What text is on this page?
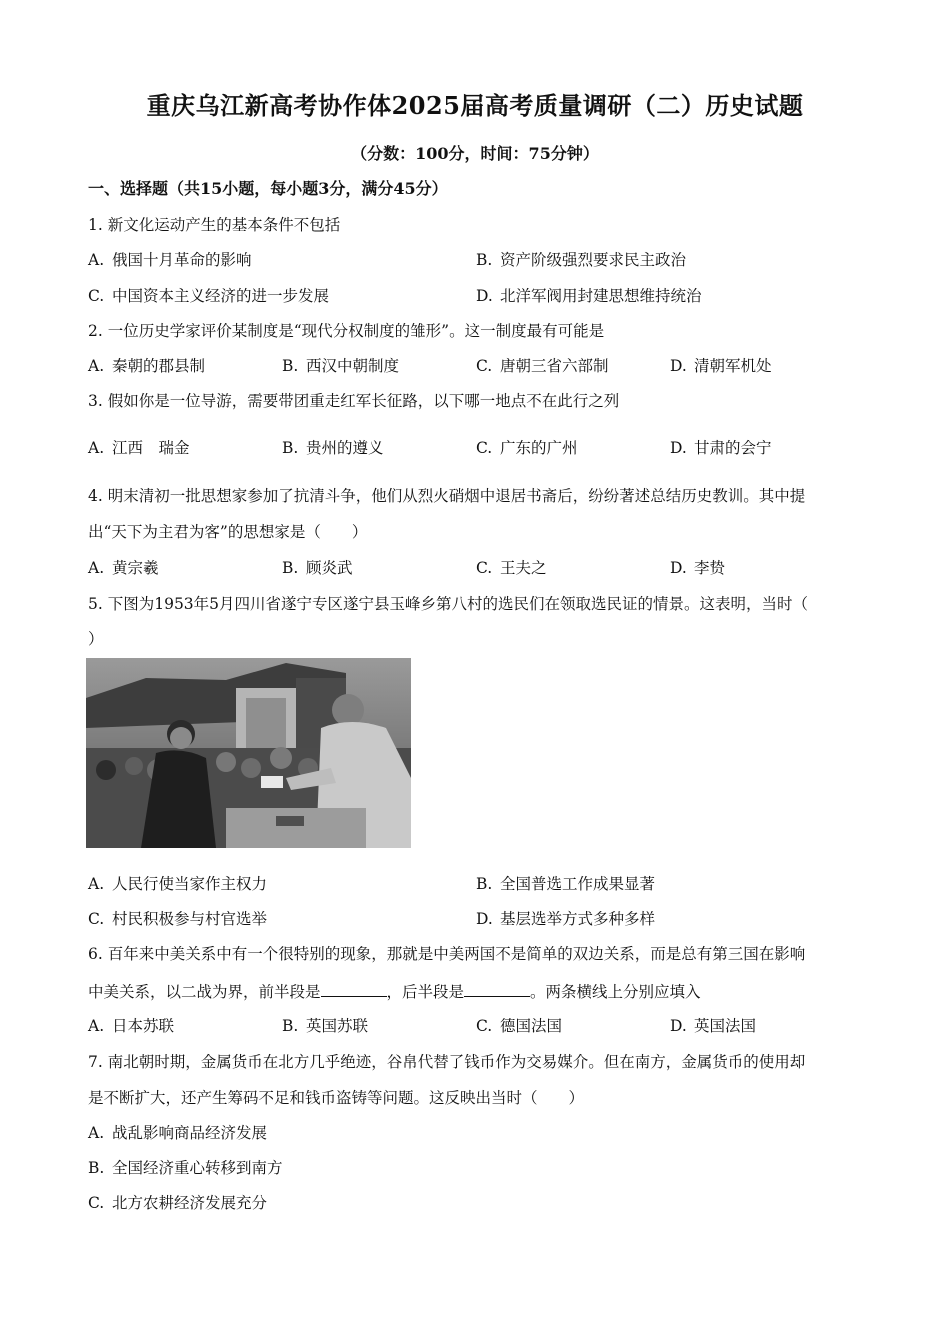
重庆乌江新高考协作体2025届高考质量调研（二）历史试题
（分数：100分，时间：75分钟）
一、选择题（共15小题，每小题3分，满分45分）
1. 新文化运动产生的基本条件不包括
A. 俄国十月革命的影响	B. 资产阶级强烈要求民主政治
C. 中国资本主义经济的进一步发展	D. 北洋军阀用封建思想维持统治
2. 一位历史学家评价某制度是“现代分权制度的雏形”。这一制度最有可能是
A. 秦朝的郡县制	B. 西汉中朝制度	C. 唐朝三省六部制	D. 清朝军机处
3. 假如你是一位导游，需要带团重走红军长征路，以下哪一地点不在此行之列
A. 江西　瑞金	B. 贵州的遵义	C. 广东的广州	D. 甘肃的会宁
4. 明末清初一批思想家参加了抗清斗争，他们从烈火硝烟中退居书斋后，纷纷著述总结历史教训。其中提
出“天下为主君为客”的思想家是（　　）
A. 黄宗羲	B. 顾炎武	C. 王夫之	D. 李贽
5. 下图为1953年5月四川省遂宁专区遂宁县玉峰乡第八村的选民们在领取选民证的情景。这表明，当时（
）
A. 人民行使当家作主权力	B. 全国普选工作成果显著
C. 村民积极参与村官选举	D. 基层选举方式多种多样
6. 百年来中美关系中有一个很特别的现象，那就是中美两国不是简单的双边关系，而是总有第三国在影响
中美关系，以二战为界，前半段是	，后半段是	。两条横线上分别应填入
A. 日本苏联	B. 英国苏联	C. 德国法国	D. 英国法国
7. 南北朝时期，金属货币在北方几乎绝迹，谷帛代替了钱币作为交易媒介。但在南方，金属货币的使用却
是不断扩大，还产生筹码不足和钱币盗铸等问题。这反映出当时（　　）
A. 战乱影响商品经济发展
B. 全国经济重心转移到南方
C. 北方农耕经济发展充分
